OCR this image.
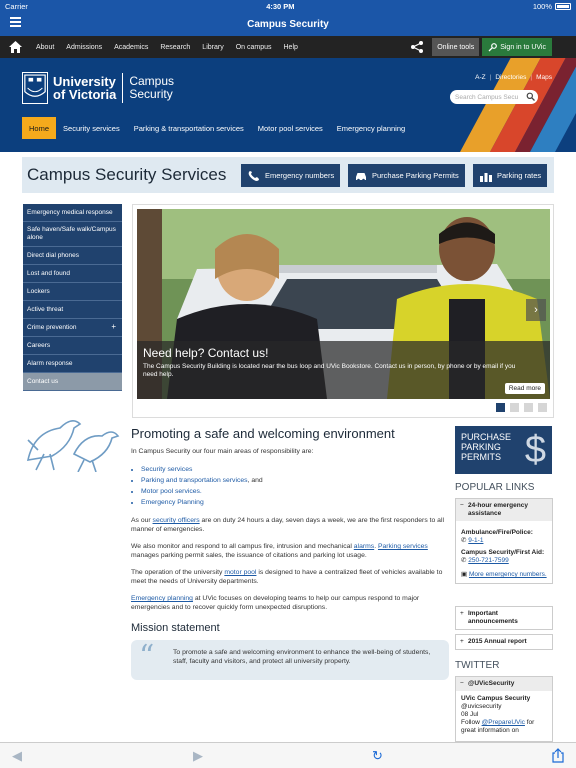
Carrier	4:30 PM	100%
Campus Security
About	Admissions	Academics	Research	Library	On campus	Help	Online tools	Sign in to UVic
University
of Victoria
Campus
Security
A-Z | Directories | Maps
Search Campus Secu
Home	Security services	Parking & transportation services	Motor pool services	Emergency planning
Campus Security Services	Emergency numbers	Purchase Parking Permits	Parking rates
Emergency medical response
Safe haven/Safe walk/Campus alone
Direct dial phones
Lost and found
Lockers
Active threat
Crime prevention	+
Careers
Alarm response
Contact us
›
Need help? Contact us!

The Campus Security Building is located near the bus loop and UVic Bookstore. Contact us in person, by phone or by email if you need help.

Read more
Promoting a safe and welcoming environment

In Campus Security our four main areas of responsibility are:

• Security services
• Parking and transportation services, and
• Motor pool services.
• Emergency Planning

As our security officers are on duty 24 hours a day, seven days a week, we are the first responders to all manner of emergencies.

We also monitor and respond to all campus fire, intrusion and mechanical alarms. Parking services manages parking permit sales, the issuance of citations and parking lot usage.

The operation of the university motor pool is designed to have a centralized fleet of vehicles available to meet the needs of University departments.

Emergency planning at UVic focuses on developing teams to help our campus respond to major emergencies and to recover quickly form unexpected disruptions.

Mission statement
“	To promote a safe and welcoming environment to enhance the well-being of students, staff, faculty and visitors, and protect all university property.
PURCHASE
PARKING
PERMITS $
POPULAR LINKS
− 24-hour emergency assistance
Ambulance/Fire/Police:
✆ 9-1-1
Campus Security/First Aid:
✆ 250-721-7599
▣ More emergency numbers.
+ Important announcements
+ 2015 Annual report
TWITTER
− @UVicSecurity
UVic Campus Security
@uvicsecurity
08 Jul
Follow @PrepareUVic for great information on
◀	▶	↻
